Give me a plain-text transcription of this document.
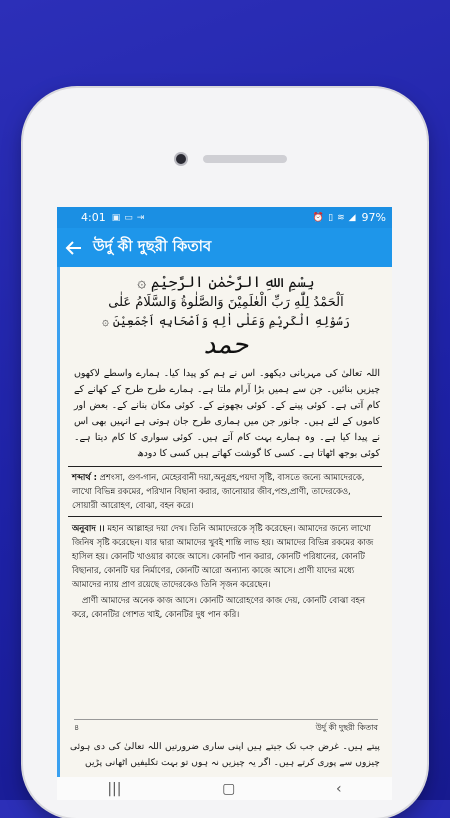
4:01 ▣ ▭ ⇥	⏰ ▯ ≋ ◢ 97%
উর্দু কী দুছরী কিতাব
بِسْمِ اللهِ الرَّحْمٰنِ الرَّحِيْمِ ۞
اَلْحَمْدُ لِلّٰهِ رَبِّ الْعٰلَمِيْنَ وَالصَّلٰوةُ وَالسَّلَامُ عَلٰى
رَسُوْلِهِ الْكَرِيْمِ وَعَلٰى اٰلِهٖ وَاَصْحَابِهٖ اَجْمَعِيْنَ ۞
حمد
اللہ تعالیٰ کی مہربانی دیکھو۔ اس نے ہم کو پیدا کیا۔ ہمارے واسطے لاکھوں چیزیں بنائیں۔ جن سے ہمیں بڑا آرام ملتا ہے۔ ہمارے طرح طرح کے کھانے کے کام آتی ہے۔ کوئی پینے کے۔ کوئی بچھونے کے۔ کوئی مکان بنانے کے۔ بعض اور کاموں کے لئے ہیں۔ جانور جن میں ہماری طرح جان ہوتی ہے انہیں بھی اس نے پیدا کیا ہے۔ وہ ہمارے بہت کام آتے ہیں۔ کوئی سواری کا کام دیتا ہے۔ کوئی بوجھ اٹھاتا ہے۔ کسی کا گوشت کھاتے ہیں کسی کا دودھ
শব্দার্থ : প্রশংসা, গুণ-গান, মেহেরবানী দয়া,অনুগ্রহ,পয়দা সৃষ্টি, বাসতে জন্যে আমাদেরকে, লাখো বিভিন্ন রকমের, পরিখান বিছানা করার, জানোয়ার জীব,পশু,প্রাণী, তাদেরকেও, সোয়ারী আরোহণ, বোঝা, বহন করে।
অনুবাদ ।। মহান আল্লাহর দয়া দেখ। তিনি আমাদেরকে সৃষ্টি করেছেন। আমাদের জন্যে লাখো জিনিষ সৃষ্টি করেছেন। যার দ্বারা আমাদের খুবই শান্তি লাভ হয়। আমাদের বিভিন্ন রকমের কাজ হাসিল হয়। কোনটি খাওয়ার কাজে আসে। কোনটি পান করার, কোনটি পরিধানের, কোনটি বিছানার, কোনটি ঘর নির্মাণের, কোনটি আরো অন্যান্য কাজে আসে। প্রাণী যাদের মধ্যে আমাদের ন্যায় প্রাণ রয়েছে তাদেরকেও তিনি সৃজন করেছেন।
প্রাণী আমাদের অনেক কাজ আসে। কোনটি আরোহণের কাজ দেয়, কোনটি বোঝা বহন করে, কোনটির গোশত খাই, কোনটির দুধ পান করি।
৪	উর্দু কী দুছরী কিতাব
پیتے ہیں۔ غرض جب تک جیتے ہیں اپنی ساری ضرورتیں اللہ تعالیٰ کی دی ہوئی چیزوں سے پوری کرتے ہیں۔ اگر یہ چیزیں نہ ہوں تو بہت تکلیفیں اٹھانی پڑیں
|||	▢	‹
